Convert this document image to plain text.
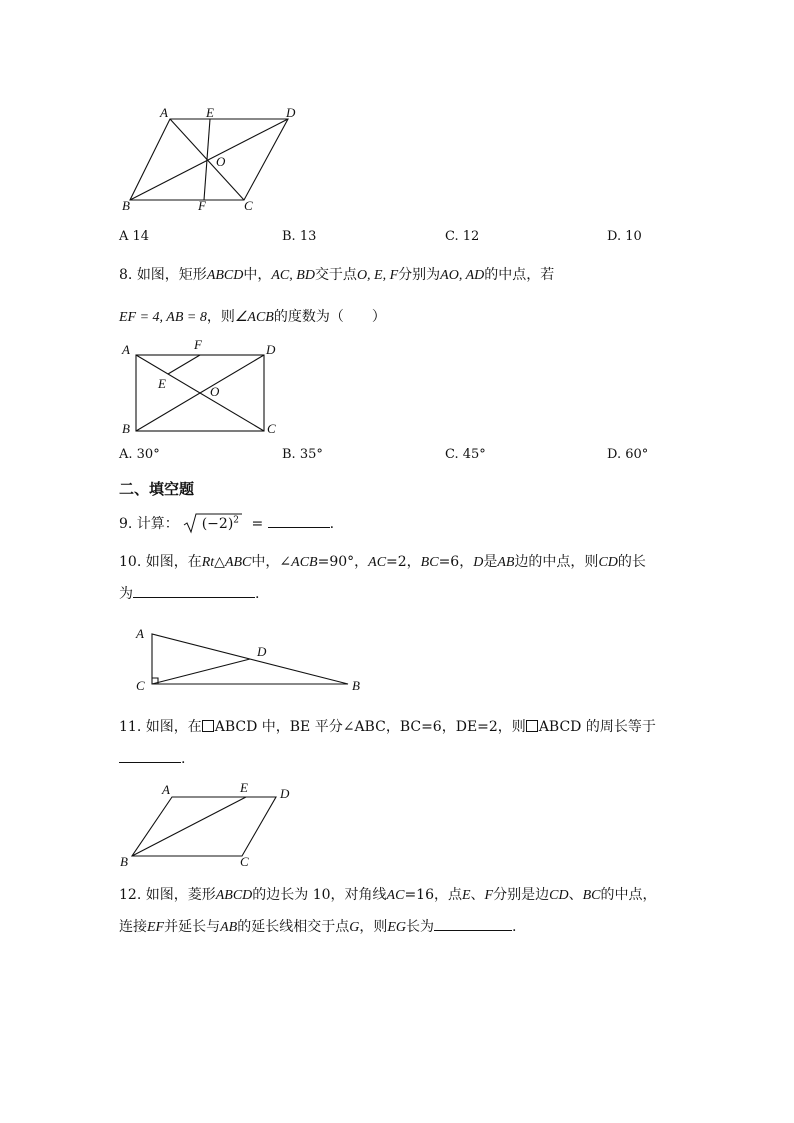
A	E	D
O
B	F	C
A 14	B. 13	C. 12	D. 10
8. 如图，矩形ABCD中，AC, BD交于点O, E, F分别为AO, AD的中点，若
EF = 4, AB = 8，则∠ACB的度数为（　　）
A	F	D
E
O
B	C
A. 30°	B. 35°	C. 45°	D. 60°
二、填空题
9. 计算： $(-2)^2$ =	.
10. 如图，在Rt△ABC中，∠ACB=90°，AC=2，BC=6，D是AB边的中点，则CD的长
为	.
A
D
C	B
11. 如图，在 ABCD 中，BE 平分∠ABC，BC=6，DE=2，则 ABCD 的周长等于
.
A	E D
B	C
12. 如图，菱形ABCD的边长为 10，对角线AC=16，点E、F分别是边CD、BC的中点，
连接EF并延长与AB的延长线相交于点G，则EG长为	.
